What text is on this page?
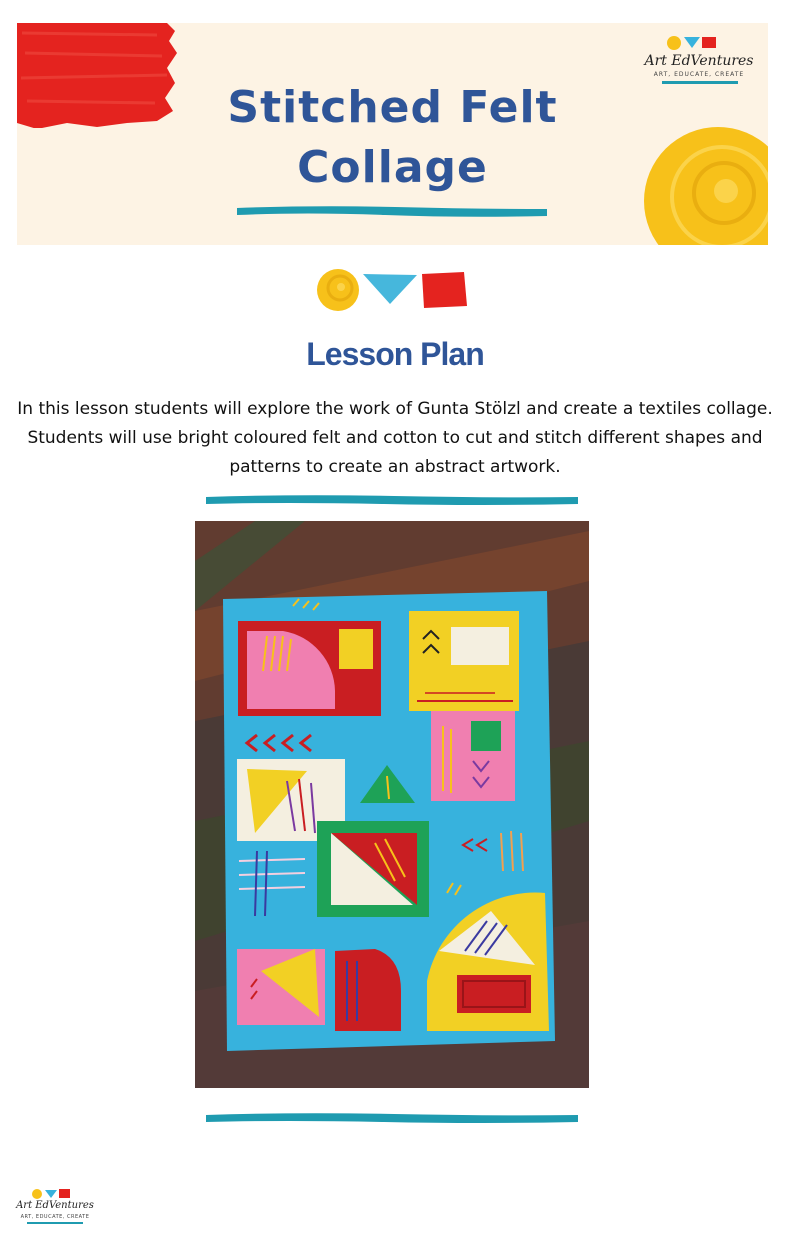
Stitched Felt
Collage
Art EdVentures
ART, EDUCATE, CREATE
Lesson Plan
In this lesson students will explore the work of Gunta Stölzl and create a textiles collage. Students will use bright coloured felt and cotton to cut and stitch different shapes and patterns to create an abstract artwork.
Art EdVentures
ART, EDUCATE, CREATE
